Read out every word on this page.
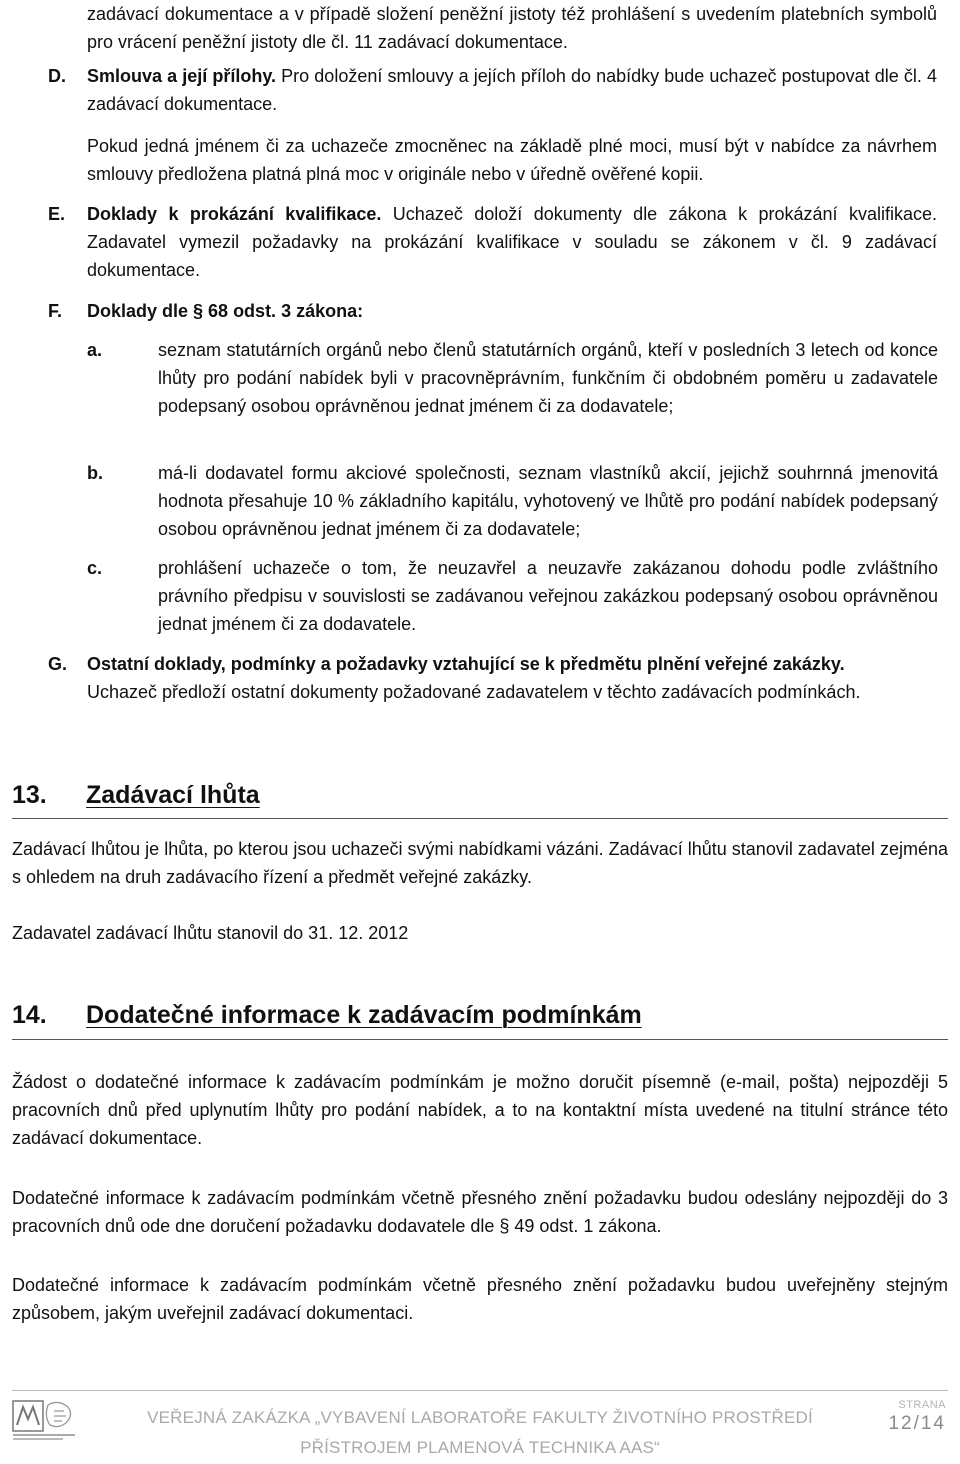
zadávací dokumentace a v případě složení peněžní jistoty též prohlášení s uvedením platebních symbolů pro vrácení peněžní jistoty dle čl. 11 zadávací dokumentace.

D. Smlouva a její přílohy. Pro doložení smlouvy a jejích příloh do nabídky bude uchazeč postupovat dle čl. 4 zadávací dokumentace.

Pokud jedná jménem či za uchazeče zmocněnec na základě plné moci, musí být v nabídce za návrhem smlouvy předložena platná plná moc v originále nebo v úředně ověřené kopii.

E. Doklady k prokázání kvalifikace. Uchazeč doloží dokumenty dle zákona k prokázání kvalifikace. Zadavatel vymezil požadavky na prokázání kvalifikace v souladu se zákonem v čl. 9 zadávací dokumentace.

F. Doklady dle § 68 odst. 3 zákona:

a.	seznam statutárních orgánů nebo členů statutárních orgánů, kteří v posledních 3 letech od konce lhůty pro podání nabídek byli v pracovněprávním, funkčním či obdobném poměru u zadavatele podepsaný osobou oprávněnou jednat jménem či za dodavatele;

b.	má-li dodavatel formu akciové společnosti, seznam vlastníků akcií, jejichž souhrnná jmenovitá hodnota přesahuje 10 % základního kapitálu, vyhotovený ve lhůtě pro podání nabídek podepsaný osobou oprávněnou jednat jménem či za dodavatele;

c.	prohlášení uchazeče o tom, že neuzavřel a neuzavře zakázanou dohodu podle zvláštního právního předpisu v souvislosti se zadávanou veřejnou zakázkou podepsaný osobou oprávněnou jednat jménem či za dodavatele.

G. Ostatní doklady, podmínky a požadavky vztahující se k předmětu plnění veřejné zakázky.

Uchazeč předloží ostatní dokumenty požadované zadavatelem v těchto zadávacích podmínkách.

13. Zadávací lhůta

Zadávací lhůtou je lhůta, po kterou jsou uchazeči svými nabídkami vázáni. Zadávací lhůtu stanovil zadavatel zejména s ohledem na druh zadávacího řízení a předmět veřejné zakázky.

Zadavatel zadávací lhůtu stanovil do 31. 12. 2012

14. Dodatečné informace k zadávacím podmínkám

Žádost o dodatečné informace k zadávacím podmínkám je možno doručit písemně (e-mail, pošta) nejpozději 5 pracovních dnů před uplynutím lhůty pro podání nabídek, a to na kontaktní místa uvedené na titulní stránce této zadávací dokumentace.

Dodatečné informace k zadávacím podmínkám včetně přesného znění požadavku budou odeslány nejpozději do 3 pracovních dnů ode dne doručení požadavku dodavatele dle § 49 odst. 1 zákona.

Dodatečné informace k zadávacím podmínkám včetně přesného znění požadavku budou uveřejněny stejným způsobem, jakým uveřejnil zadávací dokumentaci.

VEŘEJNÁ ZAKÁZKA „VYBAVENÍ LABORATOŘE FAKULTY ŽIVOTNÍHO PROSTŘEDÍ
PŘÍSTROJEM PLAMENOVÁ TECHNIKA AAS“
STRANA
12/14
